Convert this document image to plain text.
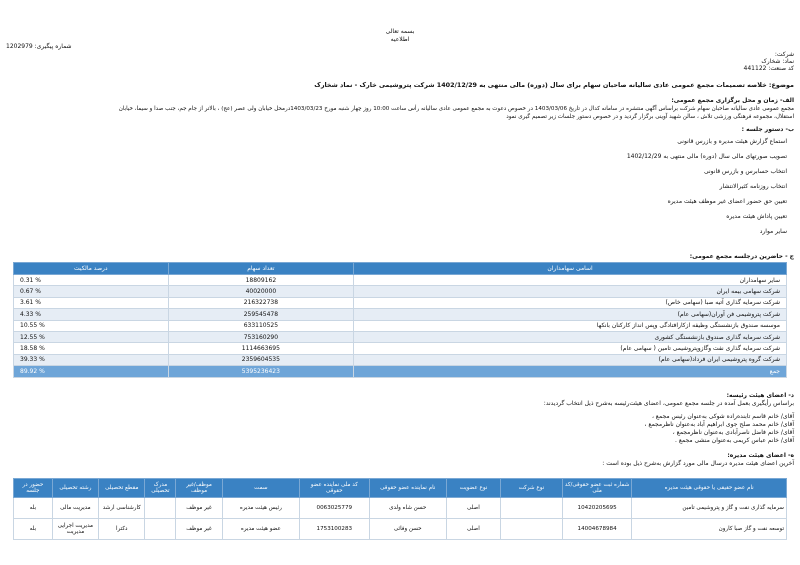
بسمه تعالی
اطلاعیه
شماره پیگیری: 1202979
شرکت:
نماد: شخارک
کد صنعت: 441122
موضوع: خلاصه تصمیمات مجمع عمومی عادی سالیانه صاحبان سهام برای سال (دوره) مالی منتهی به 1402/12/29 شرکت پتروشیمی خارک - نماد شخارک
الف- زمان و محل برگزاری مجمع عمومی:
مجمع عمومی عادی سالیانه صاحبان سهام شرکت براساس آگهی منتشره در سامانه کدال در تاریخ 1403/03/06 در خصوص دعوت به مجمع عمومی عادی سالیانه رأس ساعت 10:00 روز چهار شنبه مورخ 1403/03/23درمحل خیابان ولی عصر (عج) ، بالاتر از جام جم، جنب صدا و سیما، خیابان
استقلال، مجموعه فرهنگی ورزشی تلاش ، سالن شهید آوینی برگزار گردید و در خصوص دستور جلسات زیر تصمیم گیری نمود
ب- دستور جلسه :
استماع گزارش هیئت مدیره و بازرس قانونی
تصویب صورتهای مالی سال (دوره) مالی منتهی به 1402/12/29
انتخاب حسابرس و بازرس قانونی
انتخاب روزنامه کثیرالانتشار
تعیین حق حضور اعضای غیر موظف هیئت مدیره
تعیین پاداش هیئت مدیره
سایر موارد
ج - حاضرین درجلسه مجمع عمومی:
اسامی سهامداران	تعداد سهام	درصد مالکیت
سایر سهامداران	18809162	% 0.31
شرکت سهامی بیمه ایران	40020000	% 0.67
شرکت سرمایه گذاری آتیه صبا (سهامی خاص)	216322738	% 3.61
شرکت پتروشیمی فن آوران(سهامی عام)	259545478	% 4.33
موسسه صندوق بازنشستگی وظیفه ازکارافتادگی وپس انداز کارکنان بانکها	633110525	% 10.55
شرکت سرمایه گذاری صندوق بازنشستگی کشوری	753160290	% 12.55
شرکت سرمایه گذاری نفت وگازوپتروشیمی تامین ( سهامی عام)	1114663695	% 18.58
شرکت گروه پتروشیمی ایران فرداد(سهامی عام)	2359604535	% 39.33
جمع	5395236423	% 89.92
د- اعضای هیئت رئیسه:
براساس رأیگیری بعمل آمده در جلسه مجمع عمومی، اعضای هیئت‌رئیسه به‌شرح ذیل انتخاب گردیدند:
آقای/ خانم قاسم تابنده‌راده شوکی به‌عنوان رئیس مجمع ،
آقای/ خانم محمد صلح جوی ابراهیم آباد به‌عنوان ناظرمجمع ،
آقای/ خانم فاضل ناصرآبادی به‌عنوان ناظرمجمع ،
آقای/ خانم عباس کریمی به‌عنوان منشی مجمع .
ه- اعضای هیئت مدیره:
آخرین اعضای هیئت مدیره درسال مالی مورد گزارش به‌شرح ذیل بوده است :
نام عضو حقیقی یا حقوقی هیئت مدیره	شماره ثبت عضو حقوقی/کد ملی	نوع شرکت	نوع عضویت	نام نماینده عضو حقوقی	کد ملی نماینده عضو حقوقی	سمت	موظف/غیر موظف	مدرک تحصیلی	مقطع تحصیلی	رشته تحصیلی	حضور در جلسه
سرمایه گذاری نفت و گاز و پتروشیمی تامین	10420205695		اصلی	حسن شاه ولدی	0063025779	رئیس هیئت مدیره	غیر موظف		کارشناسی ارشد	مدیریت مالی	بله
توسعه نفت و گاز صبا کارون	14004678984		اصلی	حسن وفائی	1753100283	عضو هیئت مدیره	غیر موظف		دکترا	مدیریت اجرایی مدیریت	بله
